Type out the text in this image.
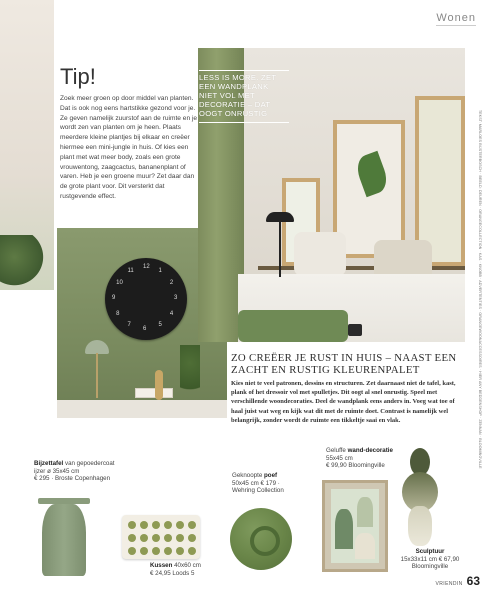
Wonen
Tip!
Zoek meer groen op door middel van planten. Dat is ook nog eens hartstikke gezond voor je. Ze geven namelijk zuurstof aan de ruimte en je wordt zen van planten om je heen. Plaats meerdere kleine plantjes bij elkaar en creëer hiermee een mini-jungle in huis. Of kies een plant met wat meer body, zoals een grote vrouwentong, zaagcactus, bananenplant of varen. Heb je een groene muur? Zet daar dan de grote plant voor. Dit versterkt dat rustgevende effect.
12
1
2
3
4
5
6
7
8
9
10
11
LESS IS MORE. ZET EEN WANDPLANK NIET VOL MET DECORATIE – DAT OOGT ONRUSTIG	TEKST: MARLOES BIJSTERBOSCH · BEELD: DEUREN · ORANGECOLLECTION · KAS · KNOBB · ADVERTENTIES · ORANGEWOONACCESSOIRES · HIER ANY BEDDENSHOP · ZENNAN · BLOOMINGVILLE
ZO CREËER JE RUST IN HUIS – NAAST EEN ZACHT EN RUSTIG KLEURENPALET
Kies niet te veel patronen, dessins en structuren. Zet daarnaast niet de tafel, kast, plank of het dressoir vol met spulletjes. Dit oogt al snel onrustig. Speel met verschillende woondecoraties. Deel de wandplank eens anders in. Voeg wat toe of haal juist wat weg en kijk wat dit met de ruimte doet. Contrast is namelijk wel belangrijk, zonder wordt de ruimte een tikkeltje saai en vlak.
Bijzettafel van gepoedercoat ijzer ø 35x45 cm
€ 295 · Broste Copenhagen
Kussen 40x60 cm
€ 24,95 Loods 5
Geknoopte poef
50x45 cm € 179 ·
Wehring Collection
Geluffe wand-decoratie 55x45 cm
€ 99,90 Bloomingville
Sculptuur
15x33x11 cm € 67,90
Bloomingville
VRIENDIN 63
